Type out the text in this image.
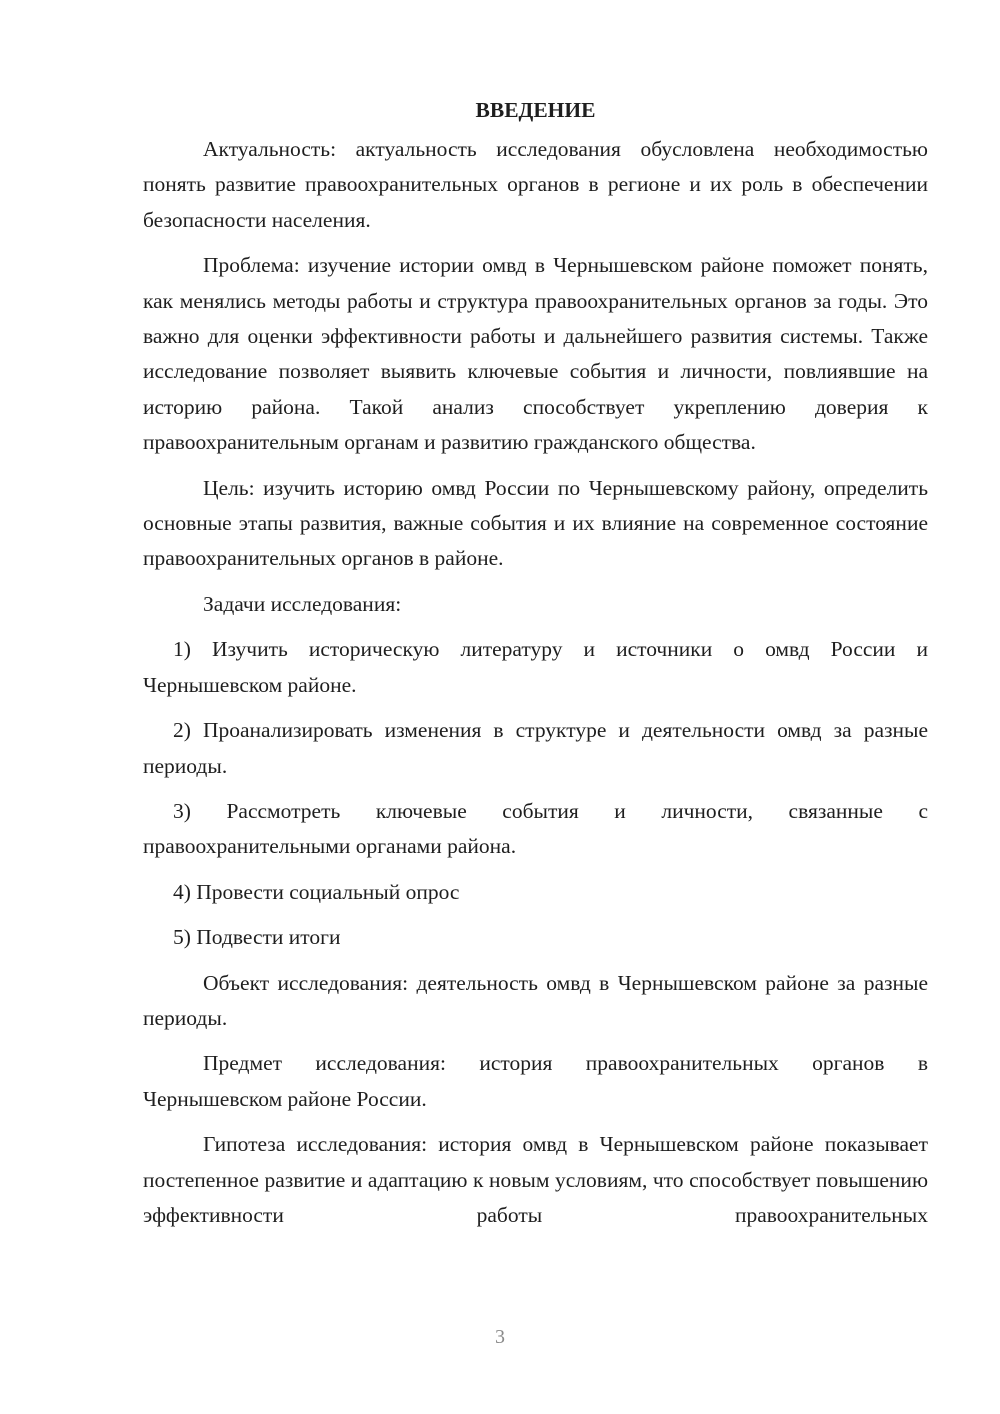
ВВЕДЕНИЕ

Актуальность: актуальность исследования обусловлена необходимостью понять развитие правоохранительных органов в регионе и их роль в обеспечении безопасности населения.

Проблема: изучение истории омвд в Чернышевском районе поможет понять, как менялись методы работы и структура правоохранительных органов за годы. Это важно для оценки эффективности работы и дальнейшего развития системы. Также исследование позволяет выявить ключевые события и личности, повлиявшие на историю района. Такой анализ способствует укреплению доверия к правоохранительным органам и развитию гражданского общества.

Цель: изучить историю омвд России по Чернышевскому району, определить основные этапы развития, важные события и их влияние на современное состояние правоохранительных органов в районе.

Задачи исследования:

1) Изучить историческую литературу и источники о омвд России и Чернышевском районе.

2) Проанализировать изменения в структуре и деятельности омвд за разные периоды.

3) Рассмотреть ключевые события и личности, связанные с правоохранительными органами района.

4) Провести социальный опрос

5) Подвести итоги

Объект исследования: деятельность омвд в Чернышевском районе за разные периоды.

Предмет исследования: история правоохранительных органов в Чернышевском районе России.

Гипотеза исследования: история омвд в Чернышевском районе показывает постепенное развитие и адаптацию к новым условиям, что способствует повышению эффективности работы правоохранительных

3
